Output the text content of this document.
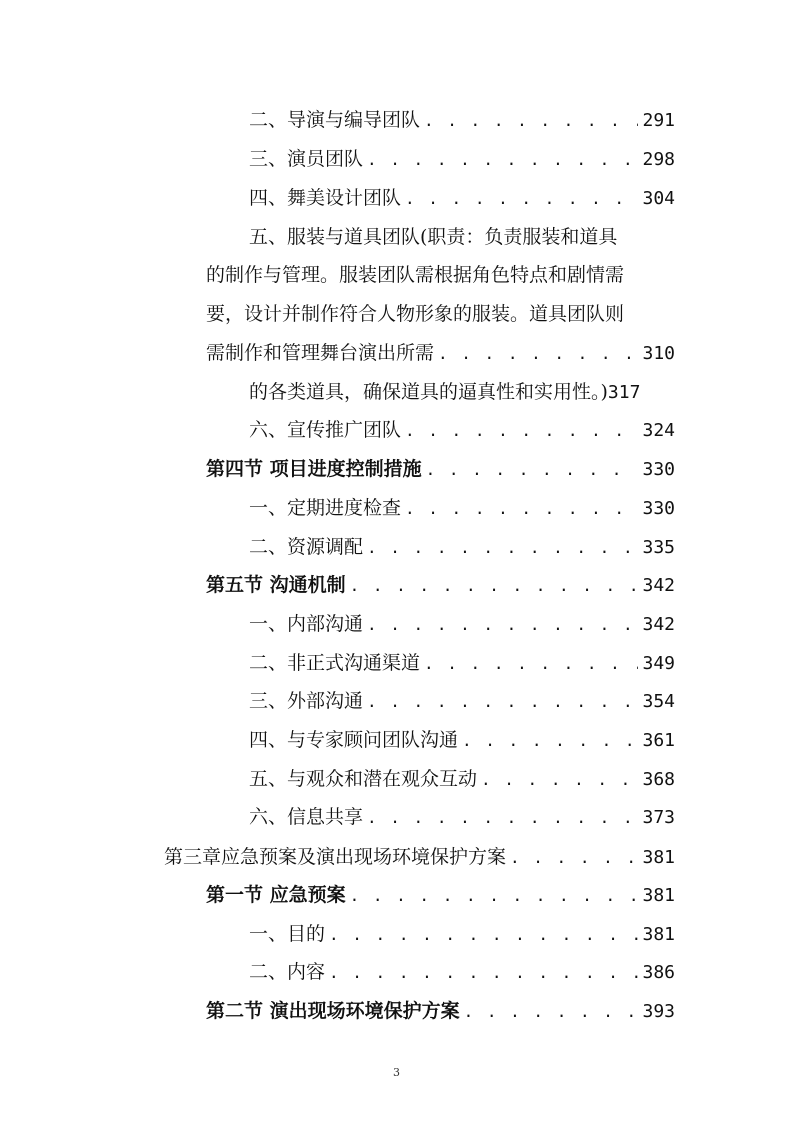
二、导演与编导团队 . . .	291
三、演员团队 . . .	298
四、舞美设计团队 . . .	304
五、服装与道具团队(职责：负责服装和道具
的制作与管理。服装团队需根据角色特点和剧情需
要，设计并制作符合人物形象的服装。道具团队则
需制作和管理舞台演出所需 . . .	310
的各类道具，确保道具的逼真性和实用性。)317
六、宣传推广团队 . . .	324
第四节 项目进度控制措施 . . .	330
一、定期进度检查 . . .	330
二、资源调配 . . .	335
第五节 沟通机制 . . .	342
一、内部沟通 . . .	342
二、非正式沟通渠道 . . .	349
三、外部沟通 . . .	354
四、与专家顾问团队沟通 . . .	361
五、与观众和潜在观众互动 . . .	368
六、信息共享 . . .	373
第三章应急预案及演出现场环境保护方案 . . .	381
第一节 应急预案 . . .	381
一、目的 . . .	381
二、内容 . . .	386
第二节 演出现场环境保护方案 . . .	393
3
